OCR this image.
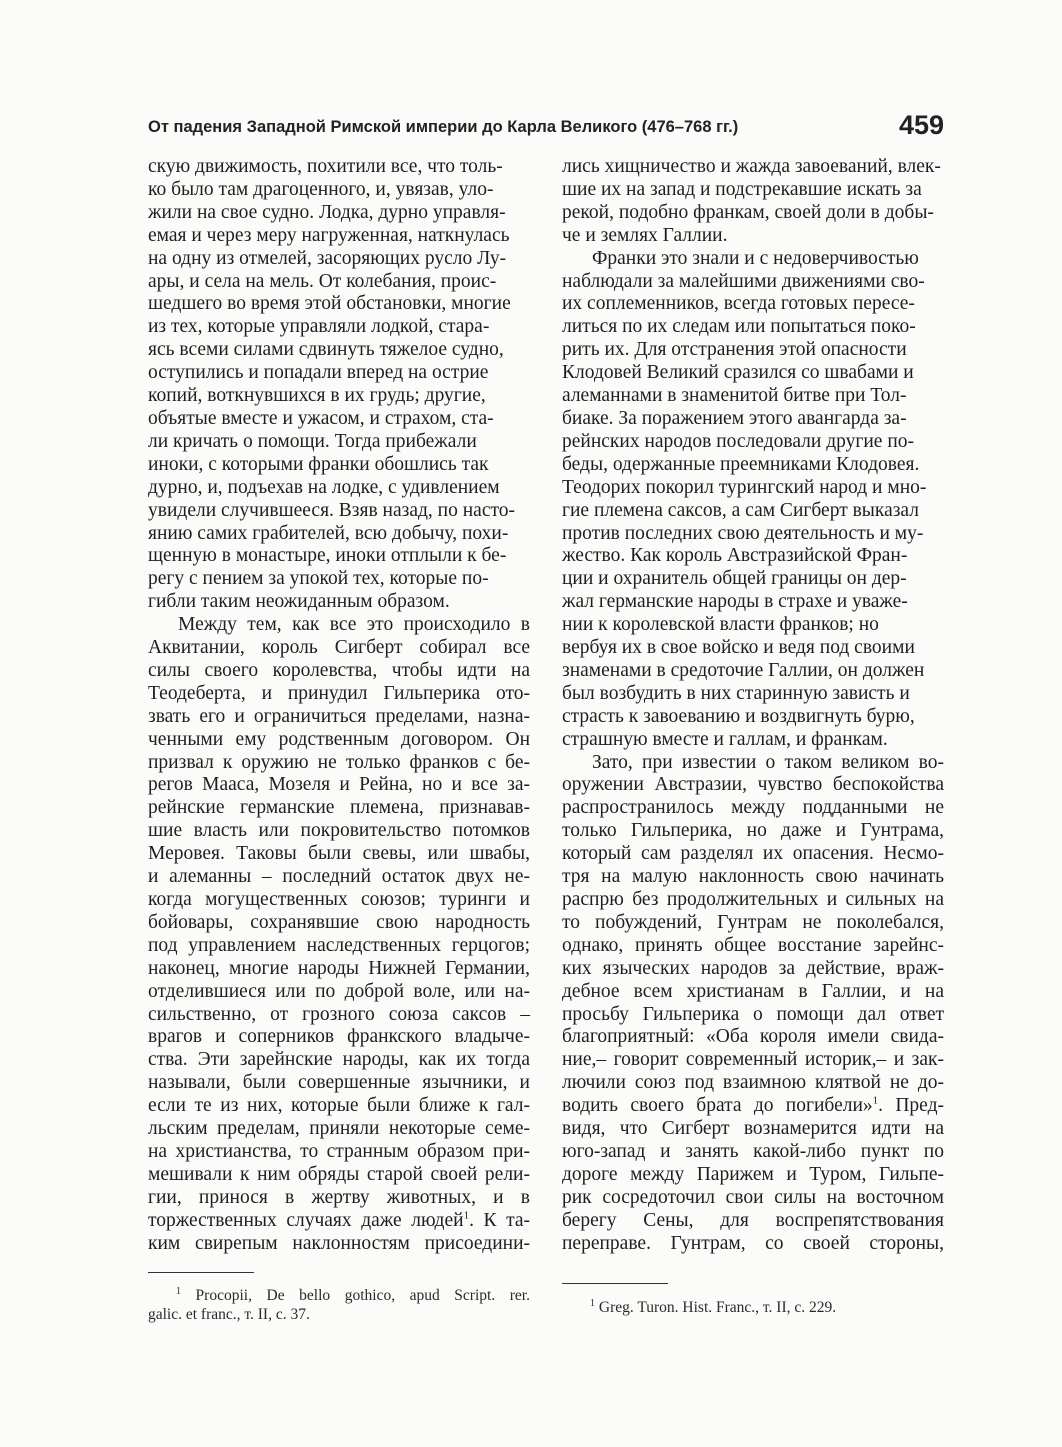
От падения Западной Римской империи до Карла Великого (476–768 гг.)	459

скую движимость, похитили все, что толь-
ко было там драгоценного, и, увязав, уло-
жили на свое судно. Лодка, дурно управля-
емая и через меру нагруженная, наткнулась
на одну из отмелей, засоряющих русло Лу-
ары, и села на мель. От колебания, проис-
шедшего во время этой обстановки, многие
из тех, которые управляли лодкой, стара-
ясь всеми силами сдвинуть тяжелое судно,
оступились и попадали вперед на острие
копий, воткнувшихся в их грудь; другие,
объятые вместе и ужасом, и страхом, ста-
ли кричать о помощи. Тогда прибежали
иноки, с которыми франки обошлись так
дурно, и, подъехав на лодке, с удивлением
увидели случившееся. Взяв назад, по насто-
янию самих грабителей, всю добычу, похи-
щенную в монастыре, иноки отплыли к бе-
регу с пением за упокой тех, которые по-
гибли таким неожиданным образом.

Между тем, как все это происходило в
Аквитании, король Сигберт собирал все
силы своего королевства, чтобы идти на
Теодеберта, и принудил Гильперика ото-
звать его и ограничиться пределами, назна-
ченными ему родственным договором. Он
призвал к оружию не только франков с бе-
регов Мааса, Мозеля и Рейна, но и все за-
рейнские германские племена, признавав-
шие власть или покровительство потомков
Меровея. Таковы были свевы, или швабы,
и алеманны – последний остаток двух не-
когда могущественных союзов; туринги и
бойовары, сохранявшие свою народность
под управлением наследственных герцогов;
наконец, многие народы Нижней Германии,
отделившиеся или по доброй воле, или на-
сильственно, от грозного союза саксов –
врагов и соперников франкского владыче-
ства. Эти зарейнские народы, как их тогда
называли, были совершенные язычники, и
если те из них, которые были ближе к гал-
льским пределам, приняли некоторые семе-
на христианства, то странным образом при-
мешивали к ним обряды старой своей рели-
гии, принося в жертву животных, и в
торжественных случаях даже людей$^1$. К та-
ким свирепым наклонностям присоедини-

лись хищничество и жажда завоеваний, влек-
шие их на запад и подстрекавшие искать за
рекой, подобно франкам, своей доли в добы-
че и землях Галлии.

Франки это знали и с недоверчивостью
наблюдали за малейшими движениями сво-
их соплеменников, всегда готовых пересе-
литься по их следам или попытаться поко-
рить их. Для отстранения этой опасности
Клодовей Великий сразился со швабами и
алеманнами в знаменитой битве при Тол-
биаке. За поражением этого авангарда за-
рейнских народов последовали другие по-
беды, одержанные преемниками Клодовея.
Теодорих покорил турингский народ и мно-
гие племена саксов, а сам Сигберт выказал
против последних свою деятельность и му-
жество. Как король Австразийской Фран-
ции и охранитель общей границы он дер-
жал германские народы в страхе и уваже-
нии к королевской власти франков; но
вербуя их в свое войско и ведя под своими
знаменами в средоточие Галлии, он должен
был возбудить в них старинную зависть и
страсть к завоеванию и воздвигнуть бурю,
страшную вместе и галлам, и франкам.

Зато, при известии о таком великом во-
оружении Австразии, чувство беспокойства
распространилось между подданными не
только Гильперика, но даже и Гунтрама,
который сам разделял их опасения. Несмо-
тря на малую наклонность свою начинать
распрю без продолжительных и сильных на
то побуждений, Гунтрам не поколебался,
однако, принять общее восстание зарейнс-
ких языческих народов за действие, враж-
дебное всем христианам в Галлии, и на
просьбу Гильперика о помощи дал ответ
благоприятный: «Оба короля имели свида-
ние,– говорит современный историк,– и зак-
лючили союз под взаимною клятвой не до-
водить своего брата до погибели»$^1$. Пред-
видя, что Сигберт вознамерится идти на
юго-запад и занять какой-либо пункт по
дороге между Парижем и Туром, Гильпе-
рик сосредоточил свои силы на восточном
берегу Сены, для воспрепятствования
переправе. Гунтрам, со своей стороны,

$^1$ Procopii, De bello gothico, apud Script. rer.

galic. et franc., т. II, с. 37.

$^1$ Greg. Turon. Hist. Franc., т. II, с. 229.
